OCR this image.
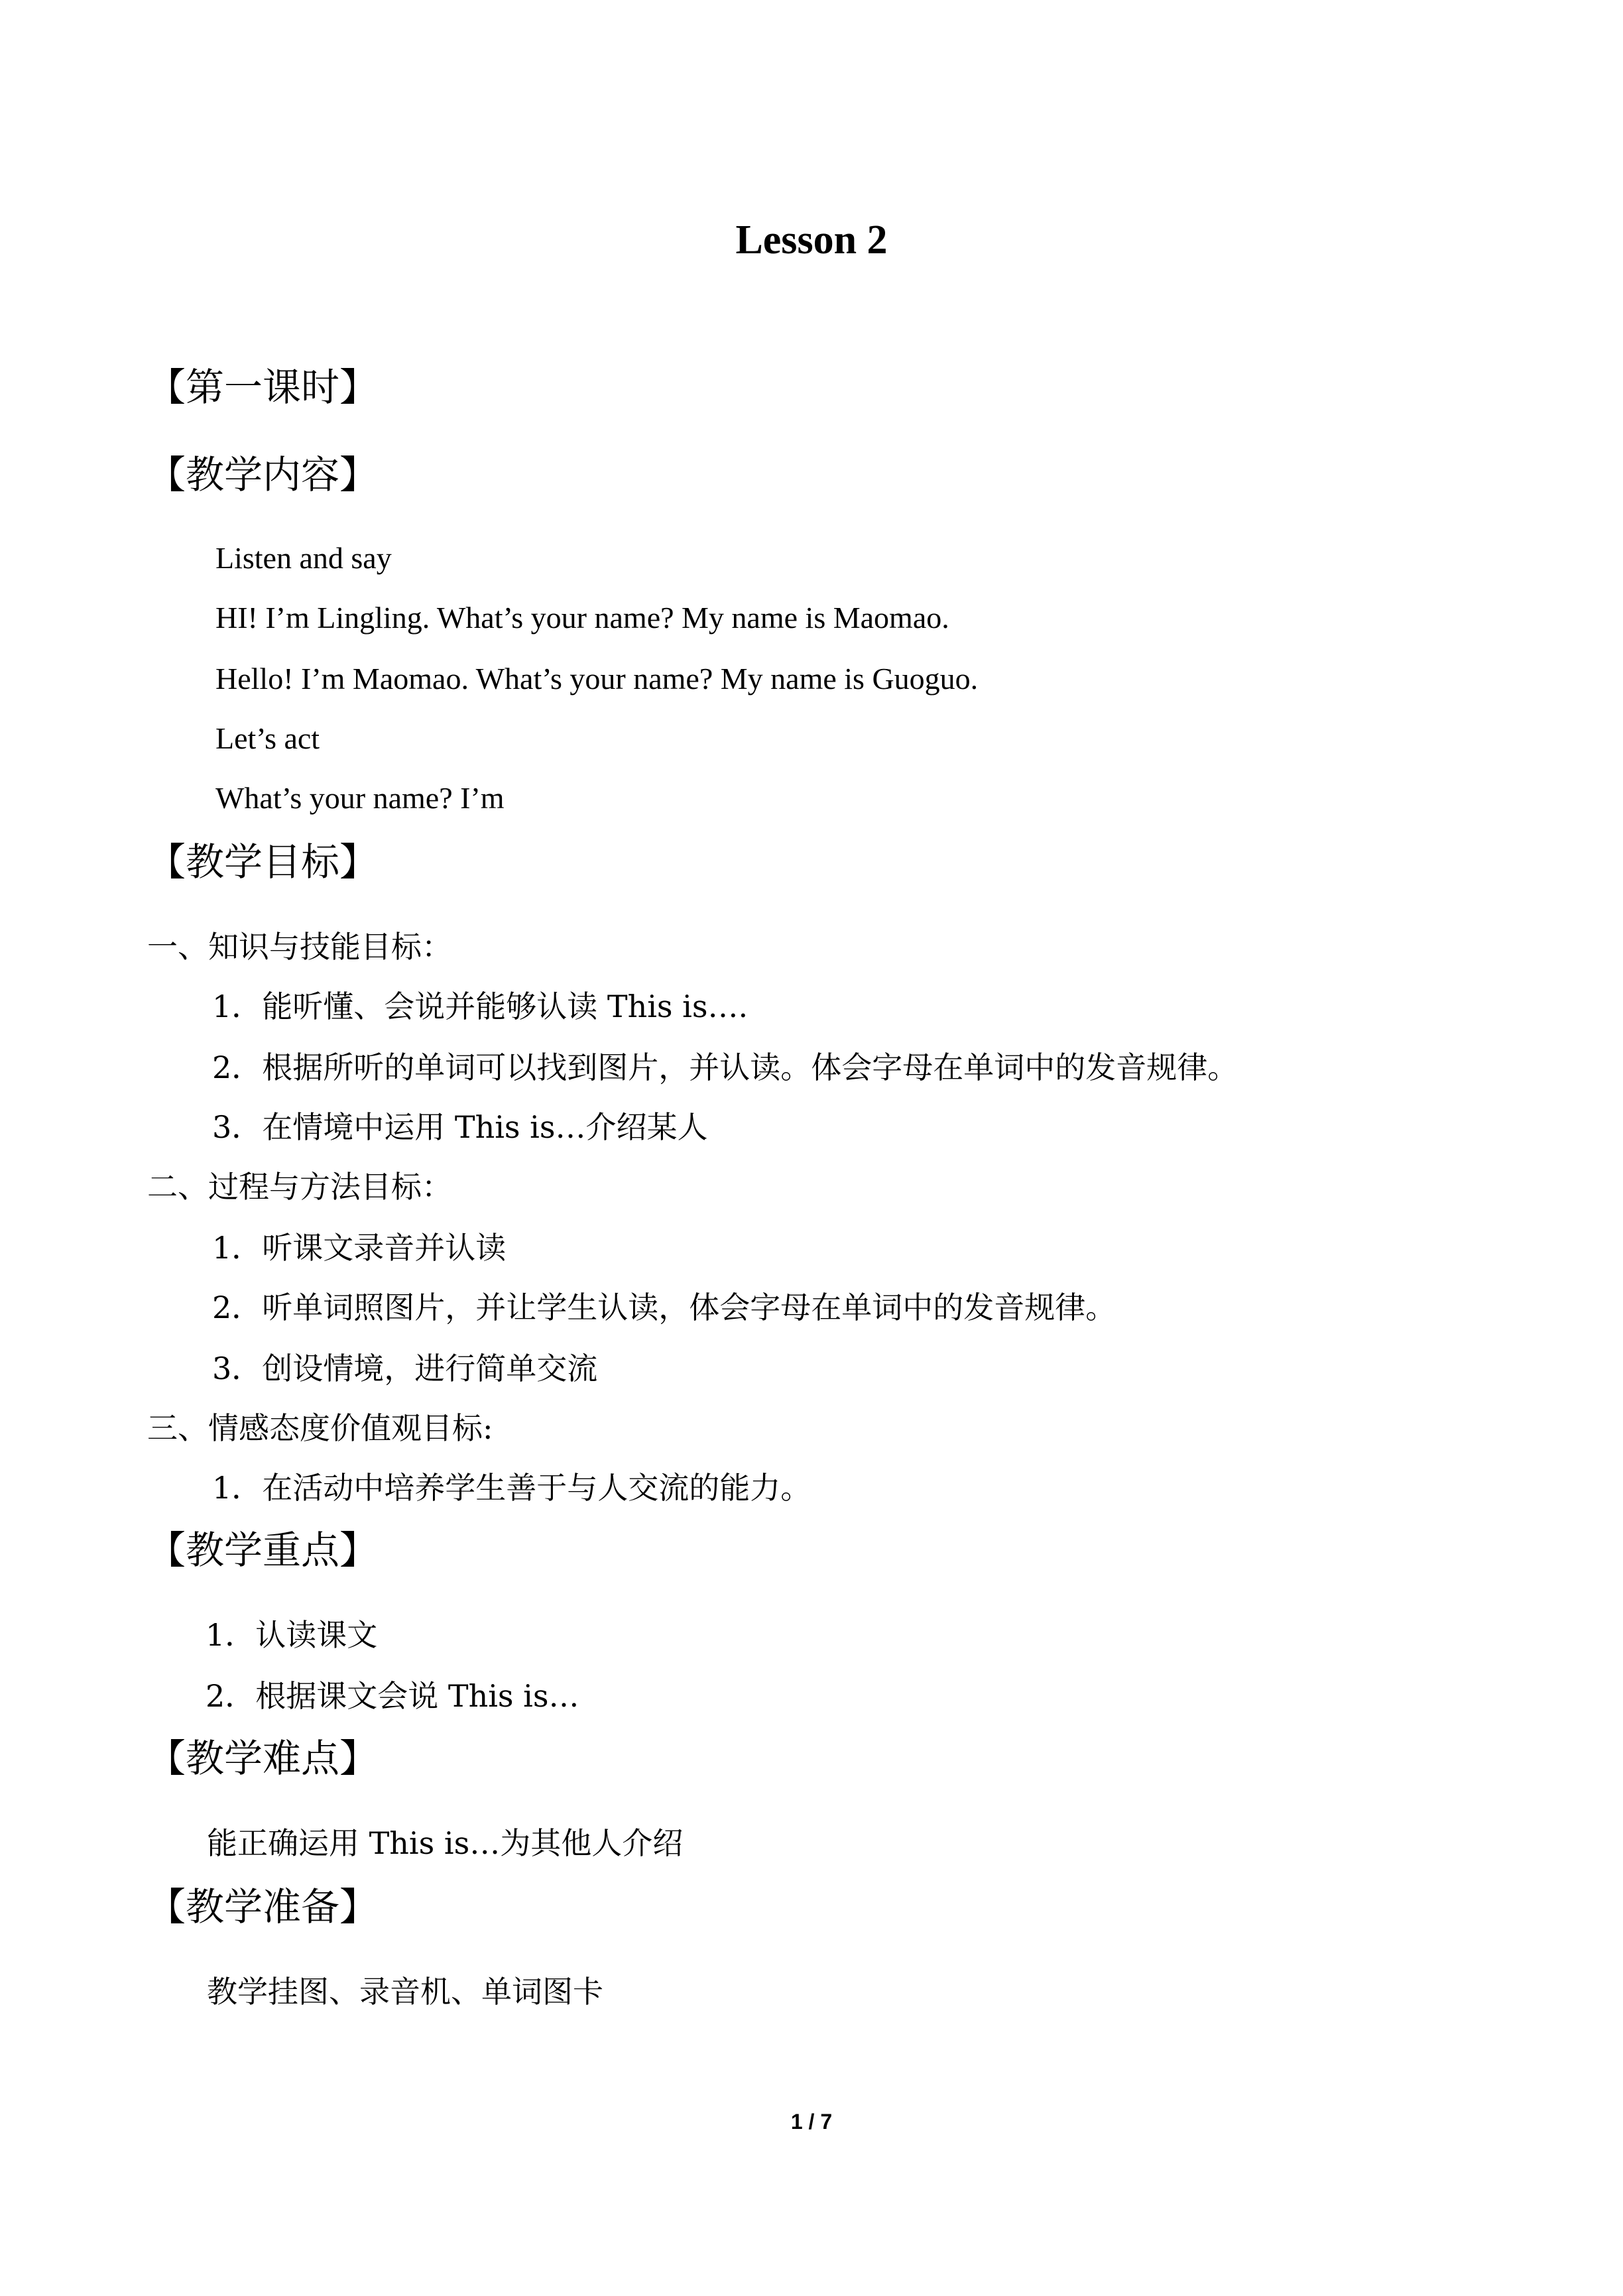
Lesson 2
【第一课时】
【教学内容】
Listen and say
HI! I’m Lingling. What’s your name? My name is Maomao.
Hello! I’m Maomao. What’s your name? My name is Guoguo.
Let’s act
What’s your name? I’m
【教学目标】
一、知识与技能目标：
1．能听懂、会说并能够认读 This is….
2．根据所听的单词可以找到图片，并认读。体会字母在单词中的发音规律。
3．在情境中运用 This is…介绍某人
二、过程与方法目标：
1．听课文录音并认读
2．听单词照图片，并让学生认读，体会字母在单词中的发音规律。
3．创设情境，进行简单交流
三、情感态度价值观目标:
1．在活动中培养学生善于与人交流的能力。
【教学重点】
1．认读课文
2．根据课文会说 This is…
【教学难点】
能正确运用 This is…为其他人介绍
【教学准备】
教学挂图、录音机、单词图卡
1 / 7
